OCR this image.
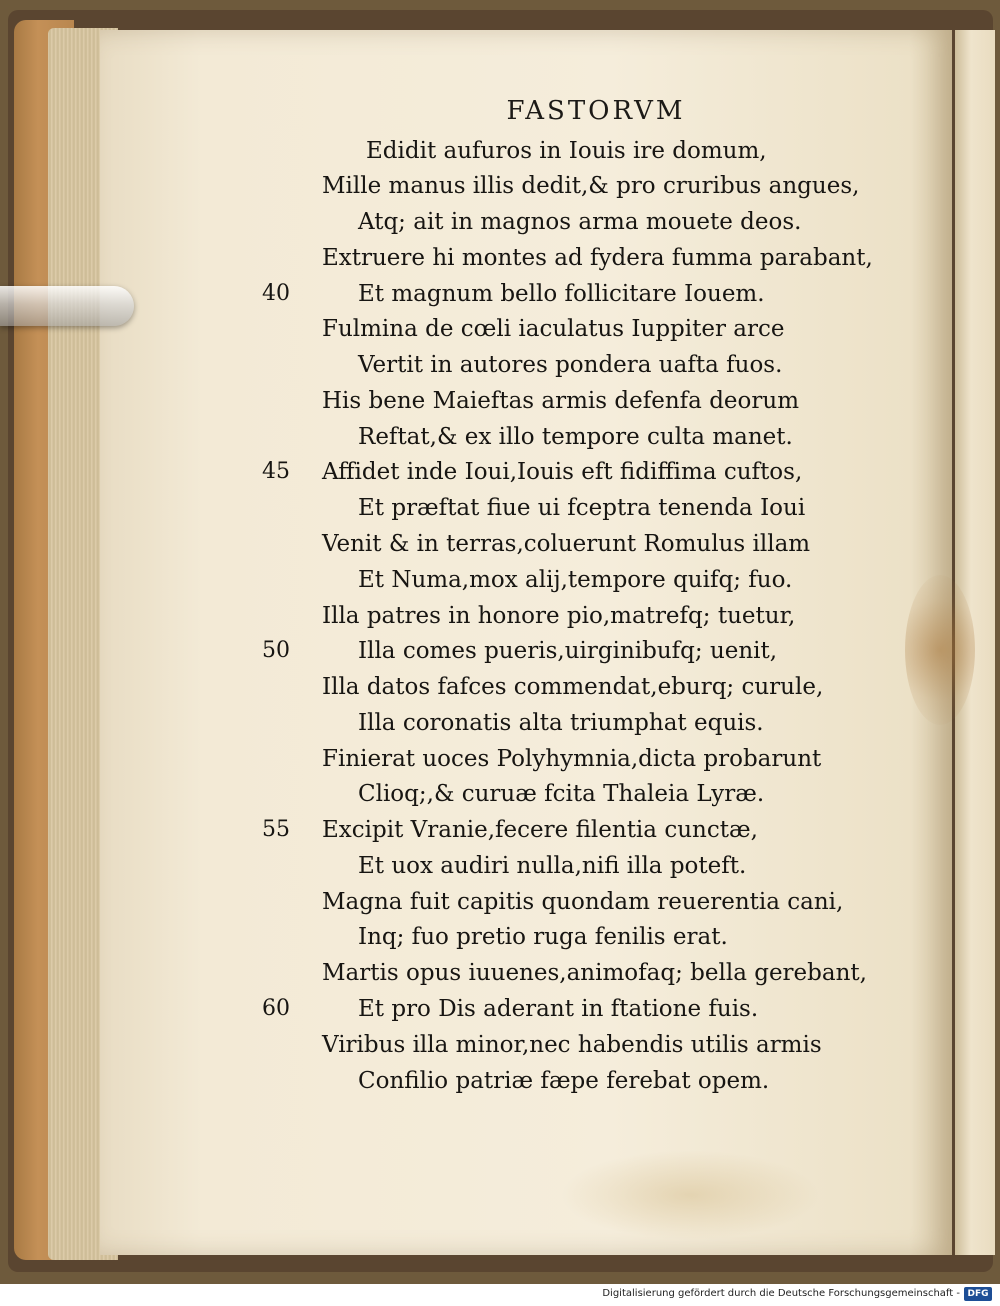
FASTORVM
Edidit aufuros in Iouis ire domum,
Mille manus illis dedit,& pro cruribus angues,
Atq; ait in magnos arma mouete deos.
Extruere hi montes ad fydera fumma parabant,
Et magnum bello follicitare Iouem.
Fulmina de cœli iaculatus Iuppiter arce
Vertit in autores pondera uafta fuos.
His bene Maieftas armis defenfa deorum
Reftat,& ex illo tempore culta manet.
Affidet inde Ioui,Iouis eft fidiffima cuftos,
Et præftat fiue ui fceptra tenenda Ioui
Venit & in terras,coluerunt Romulus illam
Et Numa,mox alij,tempore quifq; fuo.
Illa patres in honore pio,matrefq; tuetur,
Illa comes pueris,uirginibufq; uenit,
Illa datos fafces commendat,eburq; curule,
Illa coronatis alta triumphat equis.
Finierat uoces Polyhymnia,dicta probarunt
Clioq;,& curuæ fcita Thaleia Lyræ.
Excipit Vranie,fecere filentia cunctæ,
Et uox audiri nulla,nifi illa poteft.
Magna fuit capitis quondam reuerentia cani,
Inq; fuo pretio ruga fenilis erat.
Martis opus iuuenes,animofaq; bella gerebant,
Et pro Dis aderant in ftatione fuis.
Viribus illa minor,nec habendis utilis armis
Confilio patriæ fæpe ferebat opem.
40
45
50
55
60
Digitalisierung gefördert durch die Deutsche Forschungsgemeinschaft - DFG
